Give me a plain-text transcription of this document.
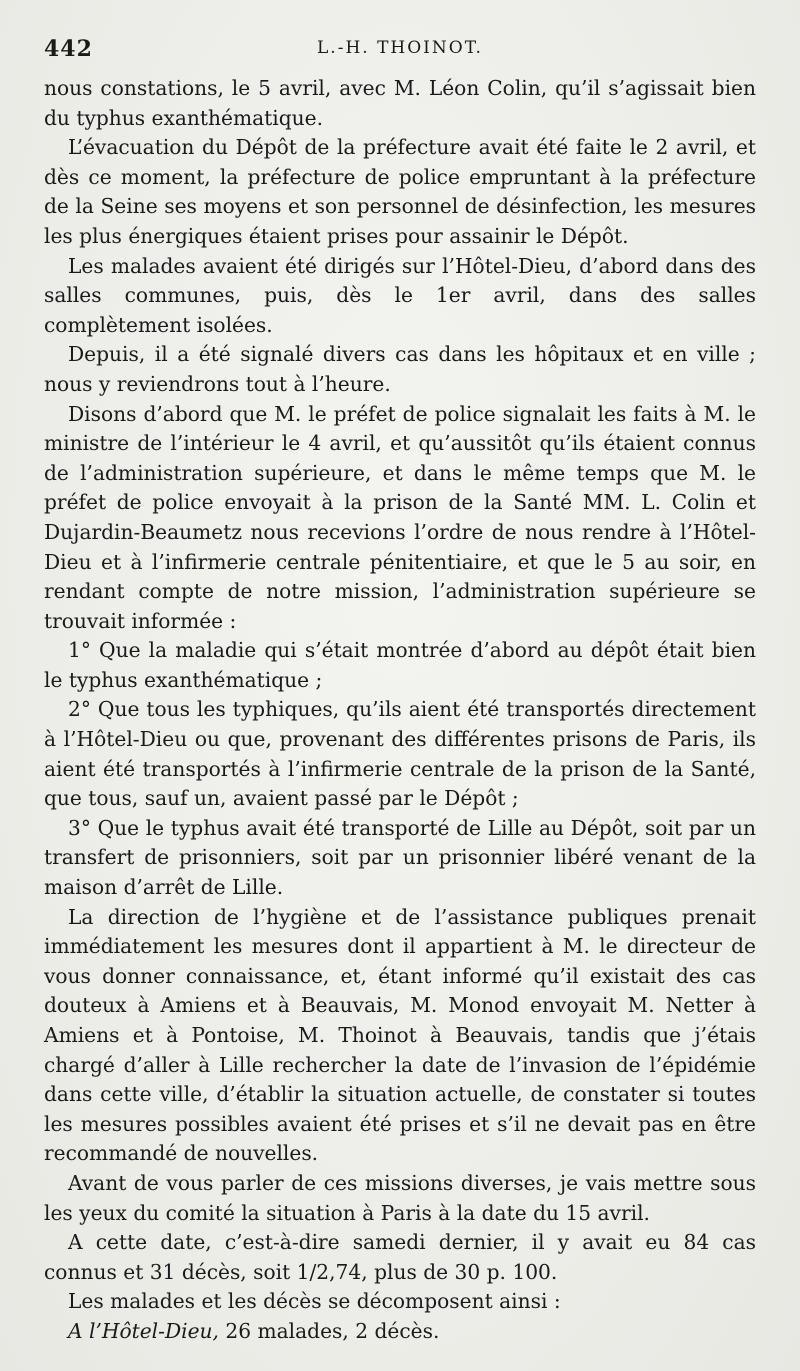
442	L.-H. THOINOT.

nous constations, le 5 avril, avec M. Léon Colin, qu’il s’agissait bien du typhus exanthématique.

L’évacuation du Dépôt de la préfecture avait été faite le 2 avril, et dès ce moment, la préfecture de police empruntant à la préfecture de la Seine ses moyens et son personnel de désinfection, les mesures les plus énergiques étaient prises pour assainir le Dépôt.

Les malades avaient été dirigés sur l’Hôtel-Dieu, d’abord dans des salles communes, puis, dès le 1er avril, dans des salles complètement isolées.

Depuis, il a été signalé divers cas dans les hôpitaux et en ville ; nous y reviendrons tout à l’heure.

Disons d’abord que M. le préfet de police signalait les faits à M. le ministre de l’intérieur le 4 avril, et qu’aussitôt qu’ils étaient connus de l’administration supérieure, et dans le même temps que M. le préfet de police envoyait à la prison de la Santé MM. L. Colin et Dujardin-Beaumetz nous recevions l’ordre de nous rendre à l’Hôtel-Dieu et à l’infirmerie centrale pénitentiaire, et que le 5 au soir, en rendant compte de notre mission, l’administration supérieure se trouvait informée :

1° Que la maladie qui s’était montrée d’abord au dépôt était bien le typhus exanthématique ;

2° Que tous les typhiques, qu’ils aient été transportés directement à l’Hôtel-Dieu ou que, provenant des différentes prisons de Paris, ils aient été transportés à l’infirmerie centrale de la prison de la Santé, que tous, sauf un, avaient passé par le Dépôt ;

3° Que le typhus avait été transporté de Lille au Dépôt, soit par un transfert de prisonniers, soit par un prisonnier libéré venant de la maison d’arrêt de Lille.

La direction de l’hygiène et de l’assistance publiques prenait immédiatement les mesures dont il appartient à M. le directeur de vous donner connaissance, et, étant informé qu’il existait des cas douteux à Amiens et à Beauvais, M. Monod envoyait M. Netter à Amiens et à Pontoise, M. Thoinot à Beauvais, tandis que j’étais chargé d’aller à Lille rechercher la date de l’invasion de l’épidémie dans cette ville, d’établir la situation actuelle, de constater si toutes les mesures possibles avaient été prises et s’il ne devait pas en être recommandé de nouvelles.

Avant de vous parler de ces missions diverses, je vais mettre sous les yeux du comité la situation à Paris à la date du 15 avril.

A cette date, c’est-à-dire samedi dernier, il y avait eu 84 cas connus et 31 décès, soit 1/2,74, plus de 30 p. 100.

Les malades et les décès se décomposent ainsi :

A l’Hôtel-Dieu, 26 malades, 2 décès.
